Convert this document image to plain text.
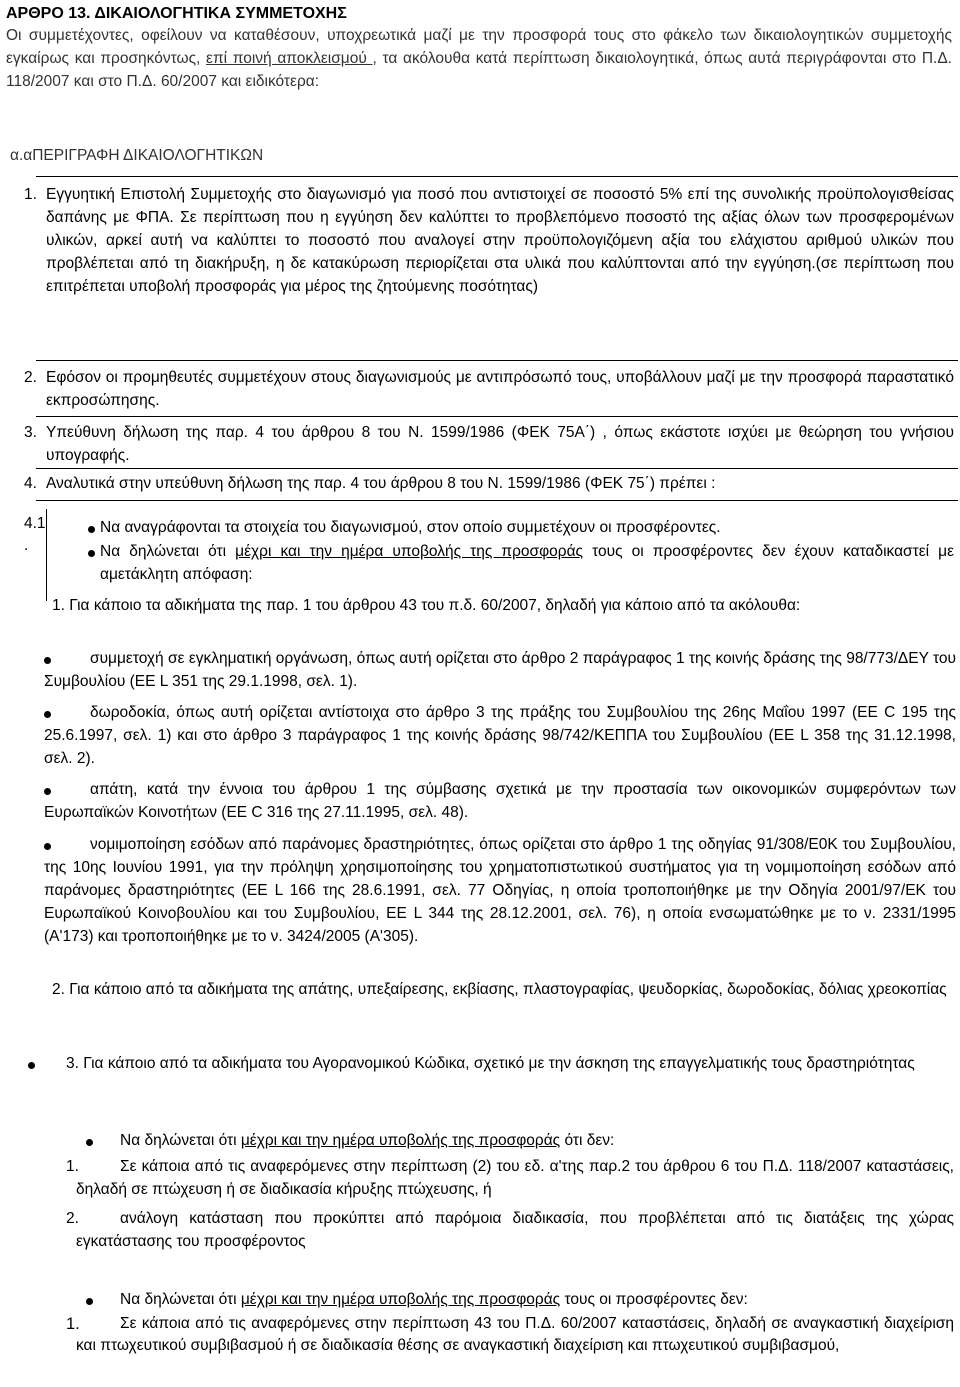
ΑΡΘΡΟ 13. ΔΙΚΑΙΟΛΟΓΗΤΙΚΑ ΣΥΜΜΕΤΟΧΗΣ
Οι συμμετέχοντες, οφείλουν να καταθέσουν, υποχρεωτικά μαζί με την προσφορά τους στο φάκελο των δικαιολογητικών συμμετοχής εγκαίρως και προσηκόντως, επί ποινή αποκλεισμού , τα ακόλουθα κατά περίπτωση δικαιολογητικά, όπως αυτά περιγράφονται στο Π.Δ. 118/2007 και στο Π.Δ. 60/2007 και ειδικότερα:
α.αΠΕΡΙΓΡΑΦΗ ΔΙΚΑΙΟΛΟΓΗΤΙΚΩΝ
1. Εγγυητική Επιστολή Συμμετοχής στο διαγωνισμό για ποσό που αντιστοιχεί σε ποσοστό 5% επί της συνολικής προϋπολογισθείσας δαπάνης με ΦΠΑ. Σε περίπτωση που η εγγύηση δεν καλύπτει το προβλεπόμενο ποσοστό της αξίας όλων των προσφερομένων υλικών, αρκεί αυτή να καλύπτει το ποσοστό που αναλογεί στην προϋπολογιζόμενη αξία του ελάχιστου αριθμού υλικών που προβλέπεται από τη διακήρυξη, η δε κατακύρωση περιορίζεται στα υλικά που καλύπτονται από την εγγύηση.(σε περίπτωση που επιτρέπεται υποβολή προσφοράς για μέρος της ζητούμενης ποσότητας)
2. Εφόσον οι προμηθευτές συμμετέχουν στους διαγωνισμούς με αντιπρόσωπό τους, υποβάλλουν μαζί με την προσφορά παραστατικό εκπροσώπησης.
3. Υπεύθυνη δήλωση της παρ. 4 του άρθρου 8 του Ν. 1599/1986 (ΦΕΚ 75Α΄) , όπως εκάστοτε ισχύει με θεώρηση του γνήσιου υπογραφής.
4. Αναλυτικά στην υπεύθυνη δήλωση της παρ. 4 του άρθρου 8 του Ν. 1599/1986 (ΦΕΚ 75΄) πρέπει :
4.1
.
Να αναγράφονται τα στοιχεία του διαγωνισμού, στον οποίο συμμετέχουν οι προσφέροντες.
Να δηλώνεται ότι μέχρι και την ημέρα υποβολής της προσφοράς τους οι προσφέροντες δεν έχουν καταδικαστεί με αμετάκλητη απόφαση:
1. Για κάποιο τα αδικήματα της παρ. 1 του άρθρου 43 του π.δ. 60/2007, δηλαδή για κάποιο από τα ακόλουθα:
συμμετοχή σε εγκληματική οργάνωση, όπως αυτή ορίζεται στο άρθρο 2 παράγραφος 1 της κοινής δράσης της 98/773/ΔΕΥ του Συμβουλίου (ΕΕ L 351 της 29.1.1998, σελ. 1).
δωροδοκία, όπως αυτή ορίζεται αντίστοιχα στο άρθρο 3 της πράξης του Συμβουλίου της 26ης Μαΐου 1997 (ΕΕ C 195 της 25.6.1997, σελ. 1) και στο άρθρο 3 παράγραφος 1 της κοινής δράσης 98/742/ΚΕΠΠΑ του Συμβουλίου (ΕΕ L 358 της 31.12.1998, σελ. 2).
απάτη, κατά την έννοια του άρθρου 1 της σύμβασης σχετικά με την προστασία των οικονομικών συμφερόντων των Ευρωπαϊκών Κοινοτήτων (ΕΕ C 316 της 27.11.1995, σελ. 48).
νομιμοποίηση εσόδων από παράνομες δραστηριότητες, όπως ορίζεται στο άρθρο 1 της οδηγίας 91/308/Ε0Κ του Συμβουλίου, της 10ης Ιουνίου 1991, για την πρόληψη χρησιμοποίησης του χρηματοπιστωτικού συστήματος για τη νομιμοποίηση εσόδων από παράνομες δραστηριότητες (ΕΕ L 166 της 28.6.1991, σελ. 77 Οδηγίας, η οποία τροποποιήθηκε με την Οδηγία 2001/97/ΕΚ του Ευρωπαϊκού Κοινοβουλίου και του Συμβουλίου, ΕΕ L 344 της 28.12.2001, σελ. 76), η οποία ενσωματώθηκε με το ν. 2331/1995 (Α'173) και τροποποιήθηκε με το ν. 3424/2005 (Α'305).
2. Για κάποιο από τα αδικήματα της απάτης, υπεξαίρεσης, εκβίασης, πλαστογραφίας, ψευδορκίας, δωροδοκίας, δόλιας χρεοκοπίας
3. Για κάποιο από τα αδικήματα του Αγορανομικού Κώδικα, σχετικό με την άσκηση της επαγγελματικής τους δραστηριότητας
Να δηλώνεται ότι μέχρι και την ημέρα υποβολής της προσφοράς ότι δεν:
1.	Σε κάποια από τις αναφερόμενες στην περίπτωση (2) του εδ. α'της παρ.2 του άρθρου 6 του Π.Δ. 118/2007 καταστάσεις, δηλαδή σε πτώχευση ή σε διαδικασία κήρυξης πτώχευσης, ή
2.	ανάλογη κατάσταση που προκύπτει από παρόμοια διαδικασία, που προβλέπεται από τις διατάξεις της χώρας εγκατάστασης του προσφέροντος
Να δηλώνεται ότι μέχρι και την ημέρα υποβολής της προσφοράς τους οι προσφέροντες δεν:
1.	Σε κάποια από τις αναφερόμενες στην περίπτωση 43 του Π.Δ. 60/2007 καταστάσεις, δηλαδή σε αναγκαστική διαχείριση και πτωχευτικού συμβιβασμού ή σε διαδικασία θέσης σε αναγκαστική διαχείριση και πτωχευτικού συμβιβασμού,
